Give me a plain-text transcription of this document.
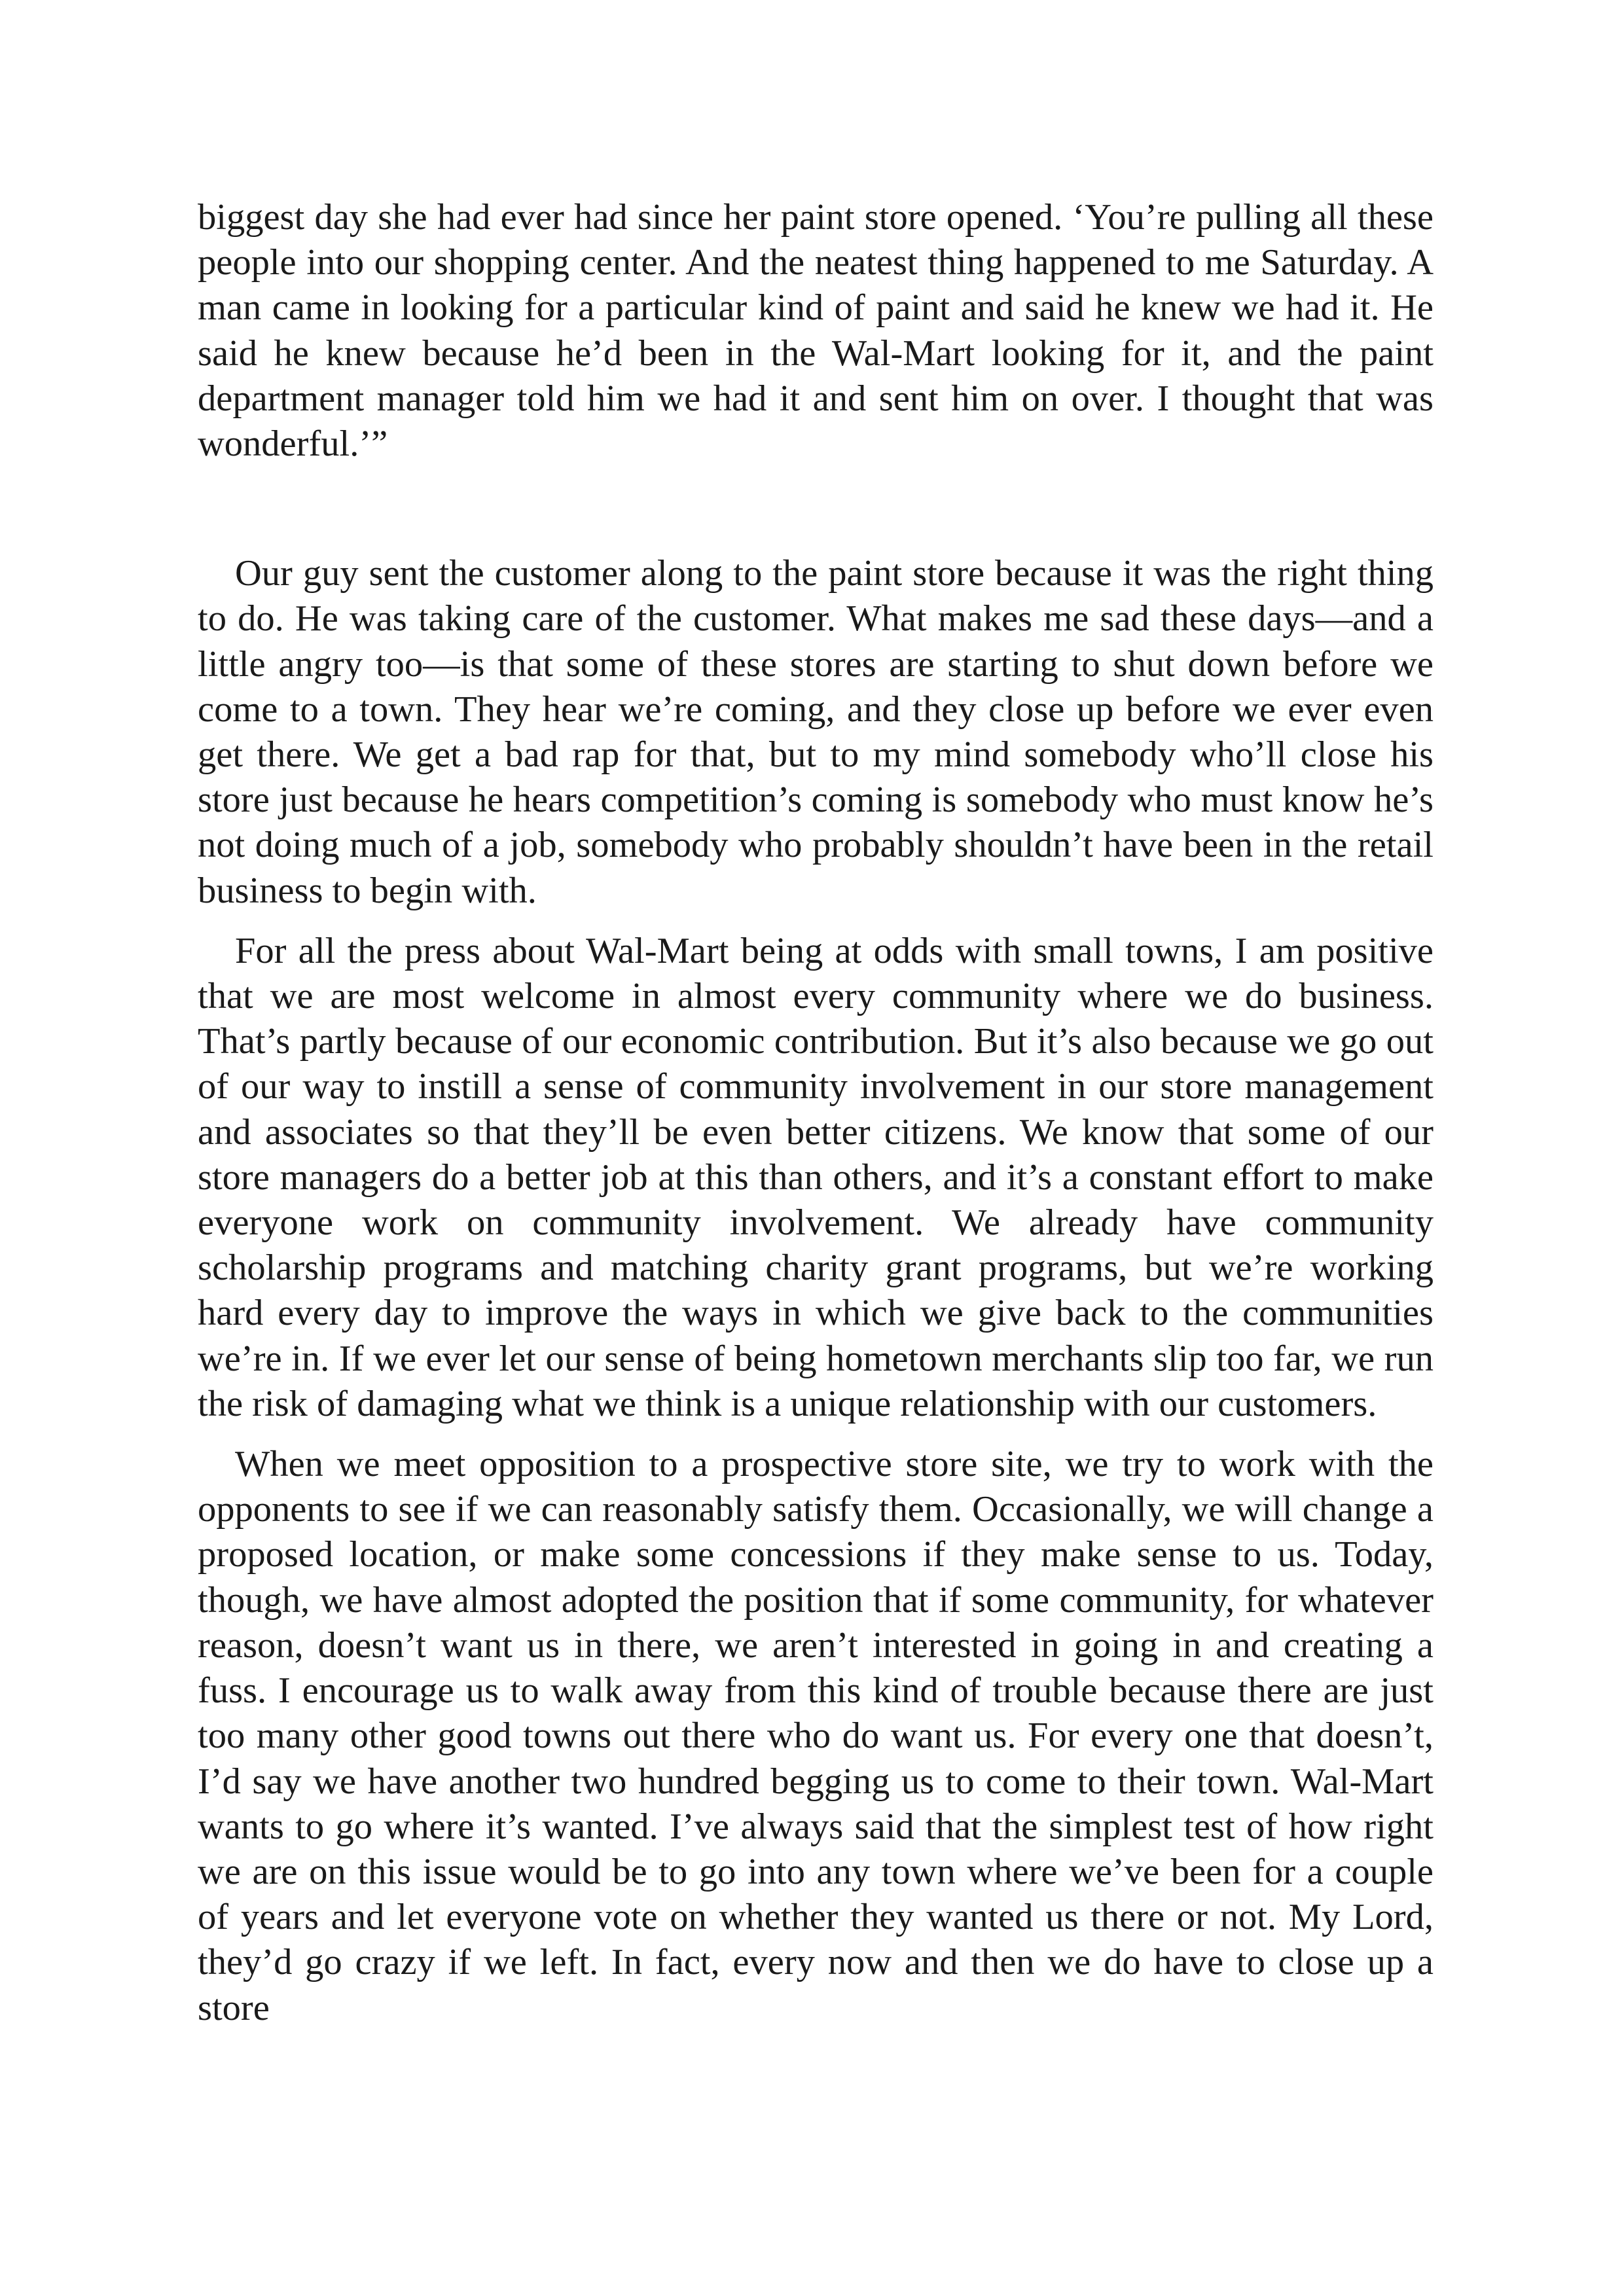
biggest day she had ever had since her paint store opened. ‘You’re pulling all these people into our shopping center. And the neatest thing happened to me Saturday. A man came in looking for a particular kind of paint and said he knew we had it. He said he knew because he’d been in the Wal-Mart looking for it, and the paint department manager told him we had it and sent him on over. I thought that was wonderful.’”

Our guy sent the customer along to the paint store because it was the right thing to do. He was taking care of the customer. What makes me sad these days—and a little angry too—is that some of these stores are starting to shut down before we come to a town. They hear we’re coming, and they close up before we ever even get there. We get a bad rap for that, but to my mind somebody who’ll close his store just because he hears competition’s coming is somebody who must know he’s not doing much of a job, somebody who probably shouldn’t have been in the retail business to begin with.

For all the press about Wal-Mart being at odds with small towns, I am positive that we are most welcome in almost every community where we do business. That’s partly because of our economic contribution. But it’s also because we go out of our way to instill a sense of community involvement in our store management and associates so that they’ll be even better citizens. We know that some of our store managers do a better job at this than others, and it’s a constant effort to make everyone work on community involvement. We already have community scholarship programs and matching charity grant programs, but we’re working hard every day to improve the ways in which we give back to the communities we’re in. If we ever let our sense of being hometown merchants slip too far, we run the risk of damaging what we think is a unique relationship with our customers.

When we meet opposition to a prospective store site, we try to work with the opponents to see if we can reasonably satisfy them. Occasionally, we will change a proposed location, or make some concessions if they make sense to us. Today, though, we have almost adopted the position that if some community, for whatever reason, doesn’t want us in there, we aren’t interested in going in and creating a fuss. I encourage us to walk away from this kind of trouble because there are just too many other good towns out there who do want us. For every one that doesn’t, I’d say we have another two hundred begging us to come to their town. Wal-Mart wants to go where it’s wanted. I’ve always said that the simplest test of how right we are on this issue would be to go into any town where we’ve been for a couple of years and let everyone vote on whether they wanted us there or not. My Lord, they’d go crazy if we left. In fact, every now and then we do have to close up a store
